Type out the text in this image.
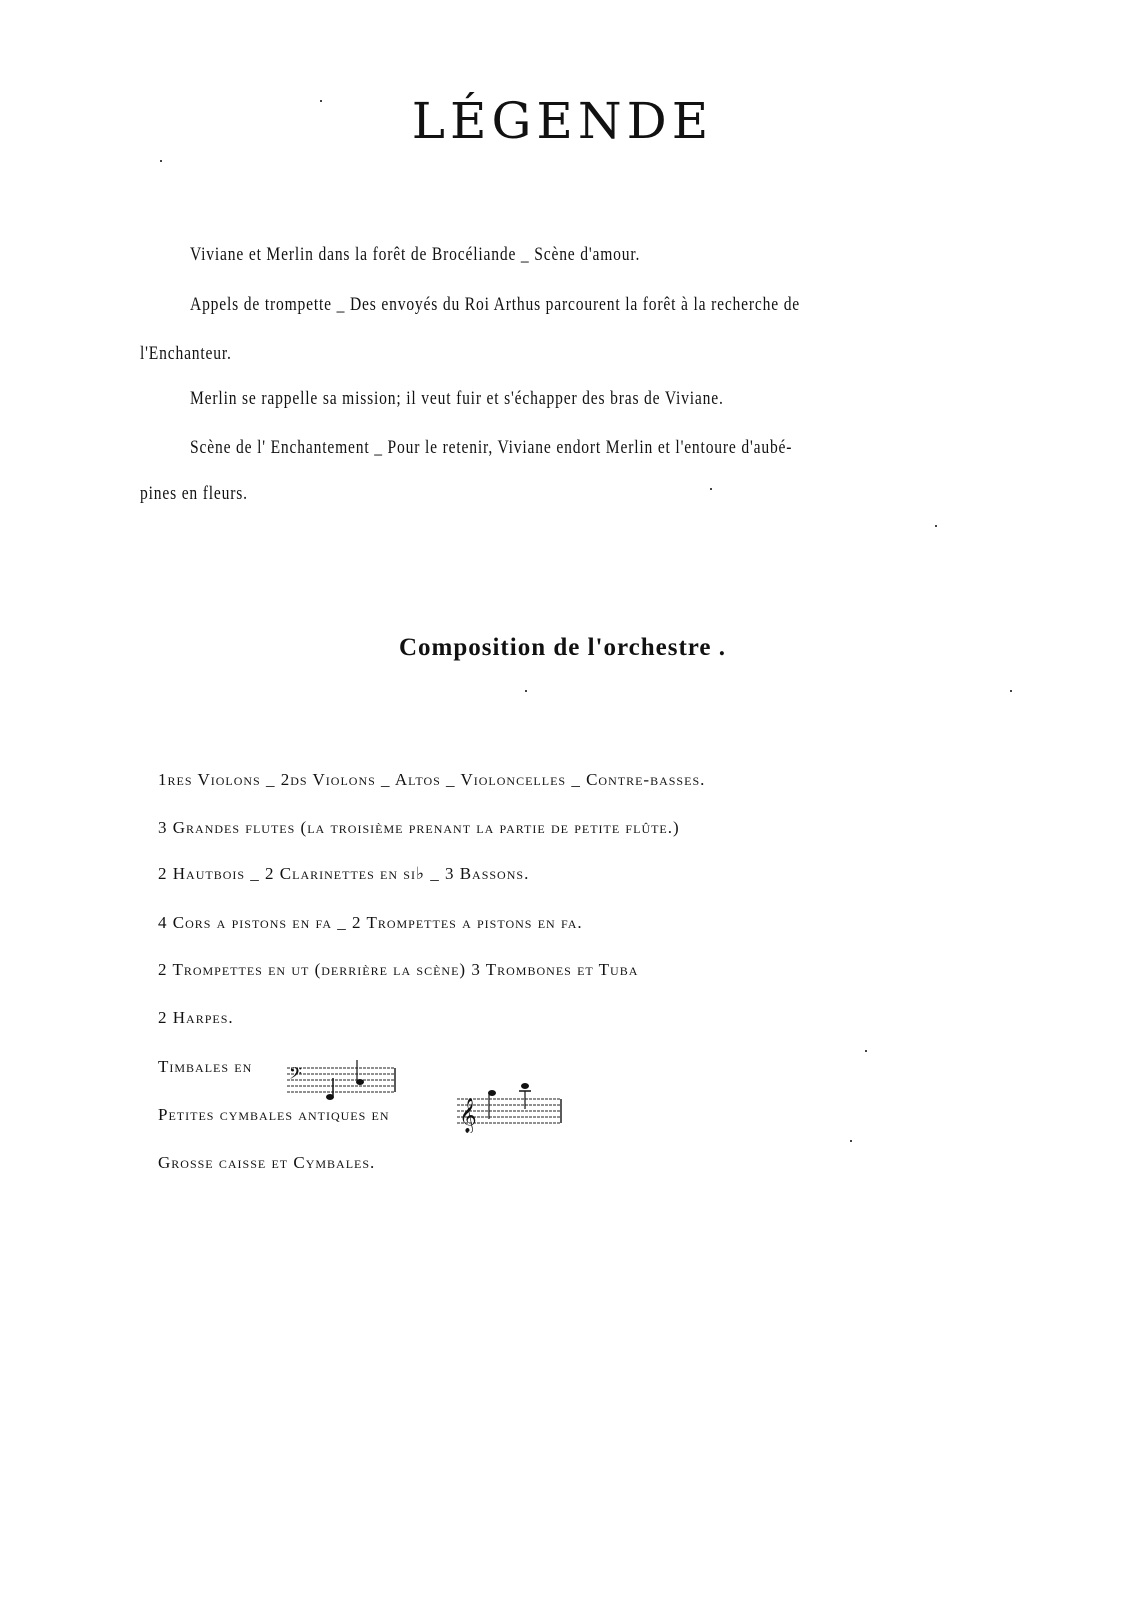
LÉGENDE
Viviane et Merlin dans la forêt de Brocéliande _ Scène d'amour.
Appels de trompette _ Des envoyés du Roi Arthus parcourent la forêt à la recherche de
l'Enchanteur.
Merlin se rappelle sa mission; il veut fuir et s'échapper des bras de Viviane.
Scène de l' Enchantement _ Pour le retenir, Viviane endort Merlin et l'entoure d'aubé-
pines en fleurs.
Composition de l'orchestre .
1res Violons _ 2ds Violons _ Altos _ Violoncelles _ Contre-basses.
3 Grandes flutes (la troisième prenant la partie de petite flûte.)
2 Hautbois _ 2 Clarinettes en si♭ _ 3 Bassons.
4 Cors a pistons en fa _ 2 Trompettes a pistons en fa.
2 Trompettes en ut (derrière la scène) 3 Trombones et Tuba
2 Harpes.
Timbales en
Petites cymbales antiques en
Grosse caisse et Cymbales.
𝄢
𝄞
